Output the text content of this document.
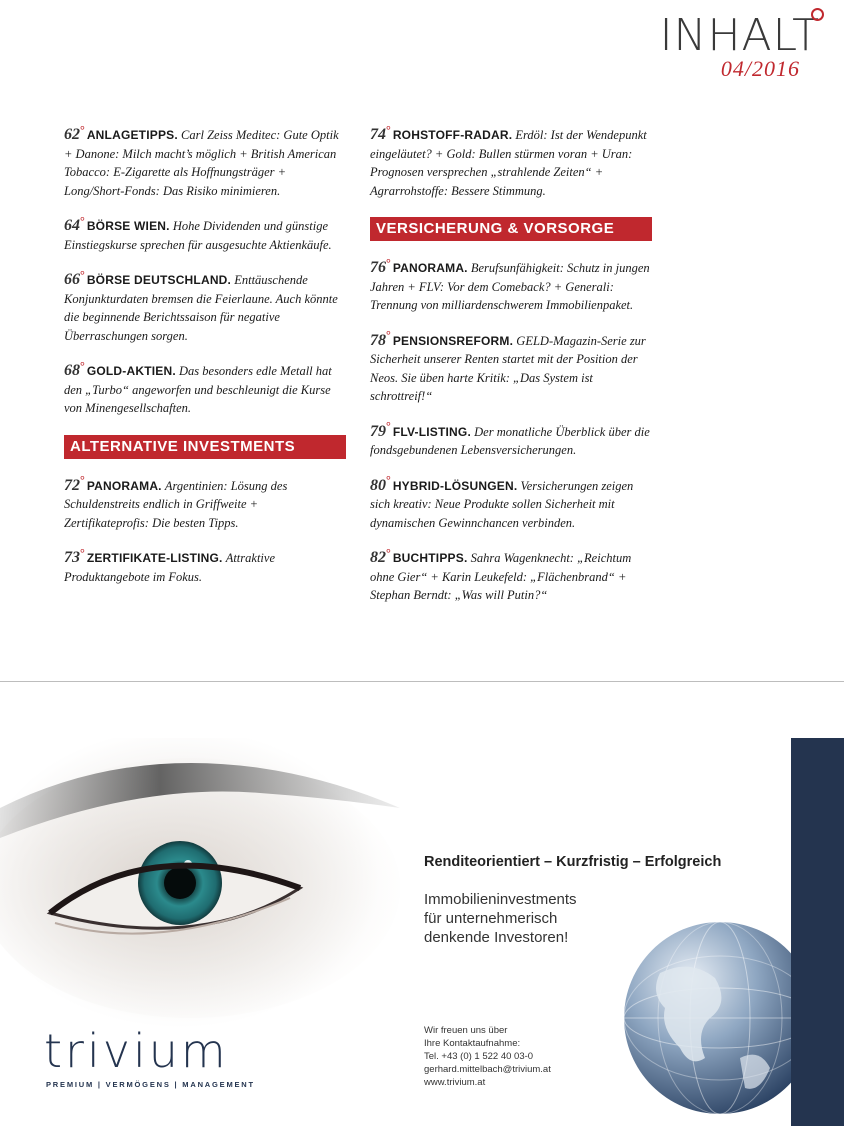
INHALT
04/2016
62° ANLAGETIPPS. Carl Zeiss Meditec: Gute Optik + Danone: Milch macht’s möglich + British American Tobacco: E-Zigarette als Hoffnungsträger + Long/Short-Fonds: Das Risiko minimieren.
64° BÖRSE WIEN. Hohe Dividenden und günstige Einstiegskurse sprechen für ausgesuchte Aktienkäufe.
66° BÖRSE DEUTSCHLAND. Enttäuschende Konjunkturdaten bremsen die Feierlaune. Auch könnte die beginnende Berichtssaison für negative Überraschungen sorgen.
68° GOLD-AKTIEN. Das besonders edle Metall hat den „Turbo“ angeworfen und beschleunigt die Kurse von Minengesellschaften.
ALTERNATIVE INVESTMENTS
72° PANORAMA. Argentinien: Lösung des Schuldenstreits endlich in Griffweite + Zertifikateprofis: Die besten Tipps.
73° ZERTIFIKATE-LISTING. Attraktive Produktangebote im Fokus.
74° ROHSTOFF-RADAR. Erdöl: Ist der Wendepunkt eingeläutet? + Gold: Bullen stürmen voran + Uran: Prognosen versprechen „strahlende Zeiten“ + Agrarrohstoffe: Bessere Stimmung.
VERSICHERUNG & VORSORGE
76° PANORAMA. Berufsunfähigkeit: Schutz in jungen Jahren + FLV: Vor dem Comeback? + Generali: Trennung von milliardenschwerem Immobilienpaket.
78° PENSIONSREFORM. GELD-Magazin-Serie zur Sicherheit unserer Renten startet mit der Position der Neos. Sie üben harte Kritik: „Das System ist schrottreif!“
79° FLV-LISTING. Der monatliche Überblick über die fondsgebundenen Lebensversicherungen.
80° HYBRID-LÖSUNGEN. Versicherungen zeigen sich kreativ: Neue Produkte sollen Sicherheit mit dynamischen Gewinnchancen verbinden.
82° BUCHTIPPS. Sahra Wagenknecht: „Reichtum ohne Gier“ + Karin Leukefeld: „Flächenbrand“ + Stephan Berndt: „Was will Putin?“
trivium
PREMIUM | VERMÖGENS | MANAGEMENT
Renditeorientiert – Kurzfristig – Erfolgreich
Immobilieninvestments
für unternehmerisch
denkende Investoren!
Wir freuen uns über
Ihre Kontaktaufnahme:
Tel. +43 (0) 1 522 40 03-0
gerhard.mittelbach@trivium.at
www.trivium.at
